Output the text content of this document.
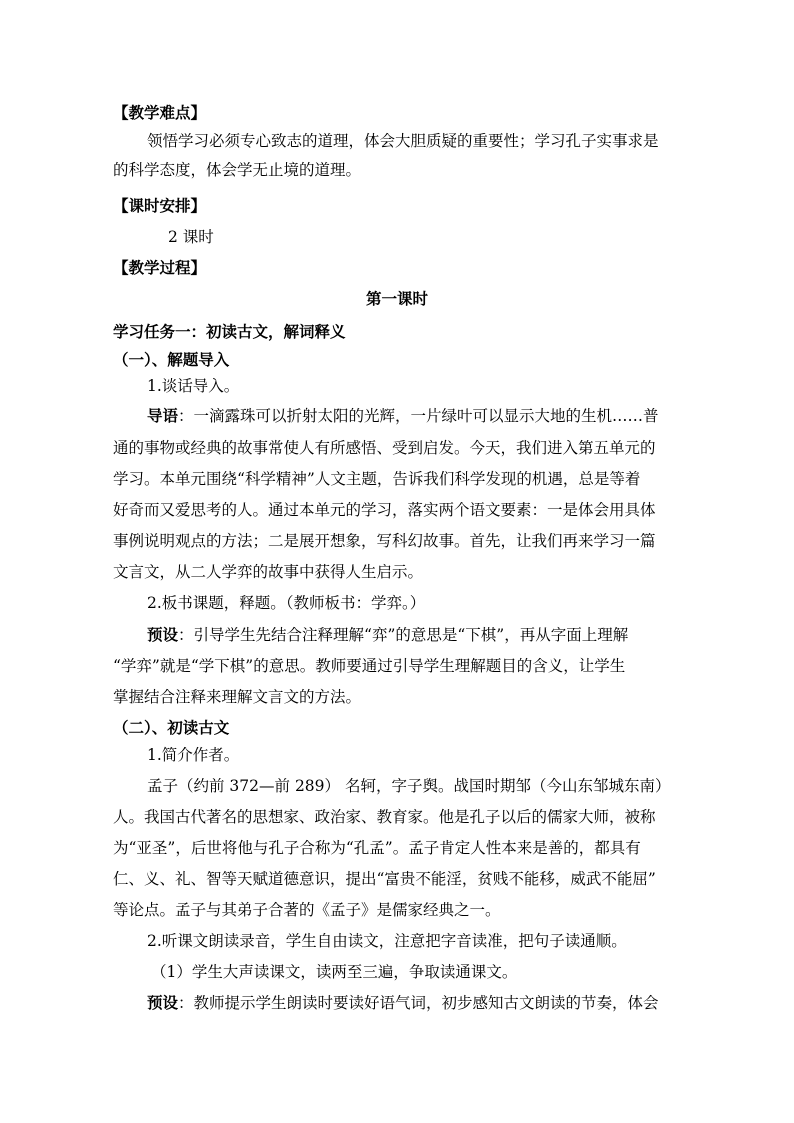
【教学难点】
领悟学习必须专心致志的道理，体会大胆质疑的重要性；学习孔子实事求是
的科学态度，体会学无止境的道理。
【课时安排】
2 课时
【教学过程】
第一课时
学习任务一：初读古文，解词释义
（一）、解题导入
1.谈话导入。
导语：一滴露珠可以折射太阳的光辉，一片绿叶可以显示大地的生机……普
通的事物或经典的故事常使人有所感悟、受到启发。今天，我们进入第五单元的
学习。本单元围绕“科学精神”人文主题，告诉我们科学发现的机遇，总是等着
好奇而又爱思考的人。通过本单元的学习，落实两个语文要素：一是体会用具体
事例说明观点的方法；二是展开想象，写科幻故事。首先，让我们再来学习一篇
文言文，从二人学弈的故事中获得人生启示。
2.板书课题，释题。（教师板书：学弈。）
预设：引导学生先结合注释理解“弈”的意思是“下棋”，再从字面上理解
“学弈”就是“学下棋”的意思。教师要通过引导学生理解题目的含义，让学生
掌握结合注释来理解文言文的方法。
（二）、初读古文
1.简介作者。
孟子（约前 372—前 289） 名轲，字子舆。战国时期邹（今山东邹城东南）
人。我国古代著名的思想家、政治家、教育家。他是孔子以后的儒家大师，被称
为“亚圣”，后世将他与孔子合称为“孔孟”。孟子肯定人性本来是善的，都具有
仁、义、礼、智等天赋道德意识，提出“富贵不能淫，贫贱不能移，威武不能屈”
等论点。孟子与其弟子合著的《孟子》是儒家经典之一。
2.听课文朗读录音，学生自由读文，注意把字音读准，把句子读通顺。
（1）学生大声读课文，读两至三遍，争取读通课文。
预设：教师提示学生朗读时要读好语气词，初步感知古文朗读的节奏，体会
